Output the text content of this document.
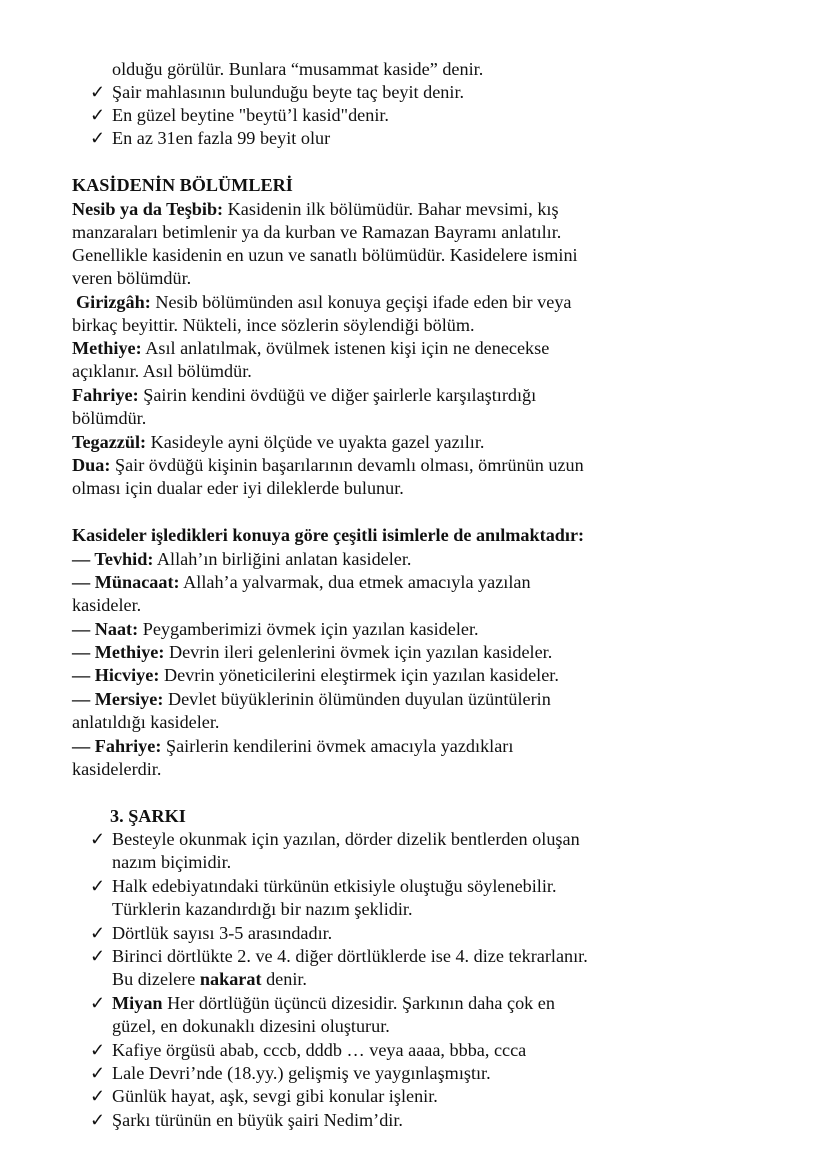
olduğu görülür. Bunlara “musammat kaside” denir.
✓ Şair mahlasının bulunduğu beyte taç beyit denir.
✓ En güzel beytine "beytü’l kasid"denir.
✓ En az 31en fazla 99 beyit olur
KASİDENİN BÖLÜMLERİ
Nesib ya da Teşbib: Kasidenin ilk bölümüdür. Bahar mevsimi, kış
manzaraları betimlenir ya da kurban ve Ramazan Bayramı anlatılır.
Genellikle kasidenin en uzun ve sanatlı bölümüdür. Kasidelere ismini
veren bölümdür.
Girizgâh: Nesib bölümünden asıl konuya geçişi ifade eden bir veya
birkaç beyittir. Nükteli, ince sözlerin söylendiği bölüm.
Methiye: Asıl anlatılmak, övülmek istenen kişi için ne denecekse
açıklanır. Asıl bölümdür.
Fahriye: Şairin kendini övdüğü ve diğer şairlerle karşılaştırdığı
bölümdür.
Tegazzül: Kasideyle ayni ölçüde ve uyakta gazel yazılır.
Dua: Şair övdüğü kişinin başarılarının devamlı olması, ömrünün uzun
olması için dualar eder iyi dileklerde bulunur.
Kasideler işledikleri konuya göre çeşitli isimlerle de anılmaktadır:
— Tevhid: Allah’ın birliğini anlatan kasideler.
— Münacaat: Allah’a yalvarmak, dua etmek amacıyla yazılan
kasideler.
— Naat: Peygamberimizi övmek için yazılan kasideler.
— Methiye: Devrin ileri gelenlerini övmek için yazılan kasideler.
— Hicviye: Devrin yöneticilerini eleştirmek için yazılan kasideler.
— Mersiye: Devlet büyüklerinin ölümünden duyulan üzüntülerin
anlatıldığı kasideler.
— Fahriye: Şairlerin kendilerini övmek amacıyla yazdıkları
kasidelerdir.
3. ŞARKI
✓ Besteyle okunmak için yazılan, dörder dizelik bentlerden oluşan
nazım biçimidir.
✓ Halk edebiyatındaki türkünün etkisiyle oluştuğu söylenebilir.
Türklerin kazandırdığı bir nazım şeklidir.
✓ Dörtlük sayısı 3-5 arasındadır.
✓ Birinci dörtlükte 2. ve 4. diğer dörtlüklerde ise 4. dize tekrarlanır.
Bu dizelere nakarat denir.
✓ Miyan Her dörtlüğün üçüncü dizesidir. Şarkının daha çok en
güzel, en dokunaklı dizesini oluşturur.
✓ Kafiye örgüsü abab, cccb, dddb … veya aaaa, bbba, ccca
✓ Lale Devri’nde (18.yy.) gelişmiş ve yaygınlaşmıştır.
✓ Günlük hayat, aşk, sevgi gibi konular işlenir.
✓ Şarkı türünün en büyük şairi Nedim’dir.
